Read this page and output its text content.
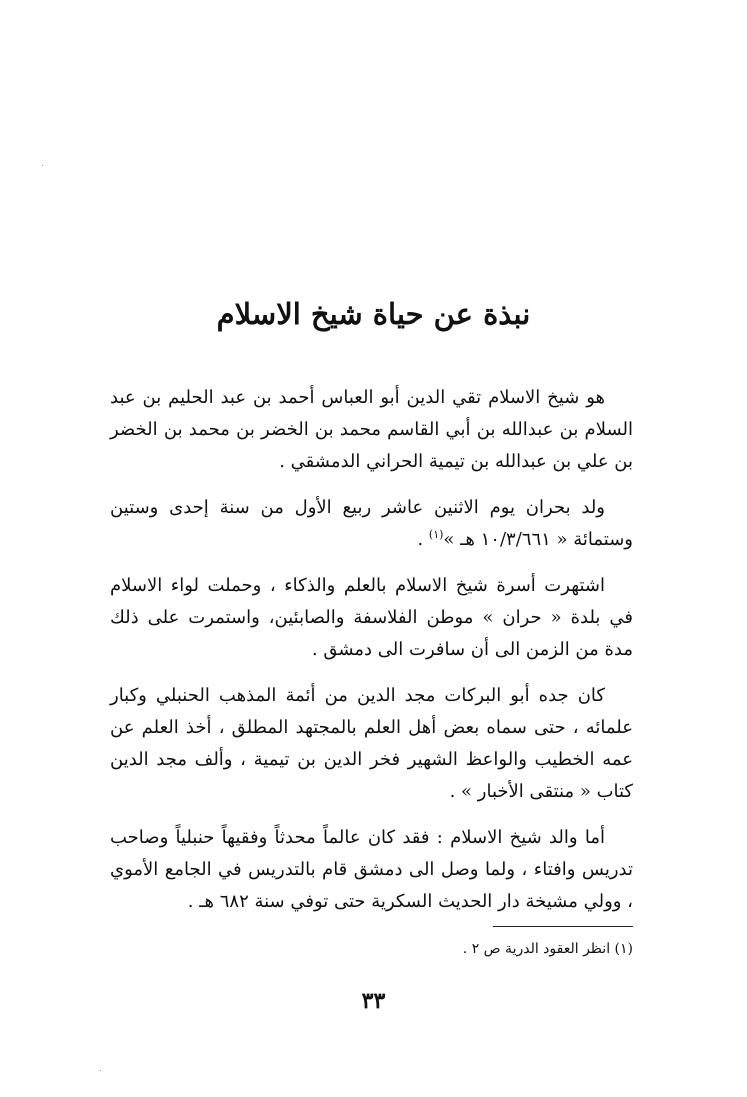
نبذة عن حياة شيخ الاسلام

هو شيخ الاسلام تقي الدين أبو العباس أحمد بن عبد الحليم بن عبد السلام بن عبدالله بن أبي القاسم محمد بن الخضر بن محمد بن الخضر بن علي بن عبدالله بن تيمية الحراني الدمشقي .

ولد بحران يوم الاثنين عاشر ربيع الأول من سنة إحدى وستين وستمائة « ١٠/٣/٦٦١ هـ »$^{(١)}$ .

اشتهرت أسرة شيخ الاسلام بالعلم والذكاء ، وحملت لواء الاسلام في بلدة « حران » موطن الفلاسفة والصابئين، واستمرت على ذلك مدة من الزمن الى أن سافرت الى دمشق .

كان جده أبو البركات مجد الدين من أئمة المذهب الحنبلي وكبار علمائه ، حتى سماه بعض أهل العلم بالمجتهد المطلق ، أخذ العلم عن عمه الخطيب والواعظ الشهير فخر الدين بن تيمية ، وألف مجد الدين كتاب « منتقى الأخبار » .

أما والد شيخ الاسلام : فقد كان عالماً محدثاً وفقيهاً حنبلياً وصاحب تدريس وافتاء ، ولما وصل الى دمشق قام بالتدريس في الجامع الأموي ، وولي مشيخة دار الحديث السكرية حتى توفي سنة ٦٨٢ هـ .

(١) انظر العقود الدرية ص ٢ .

٣٣
